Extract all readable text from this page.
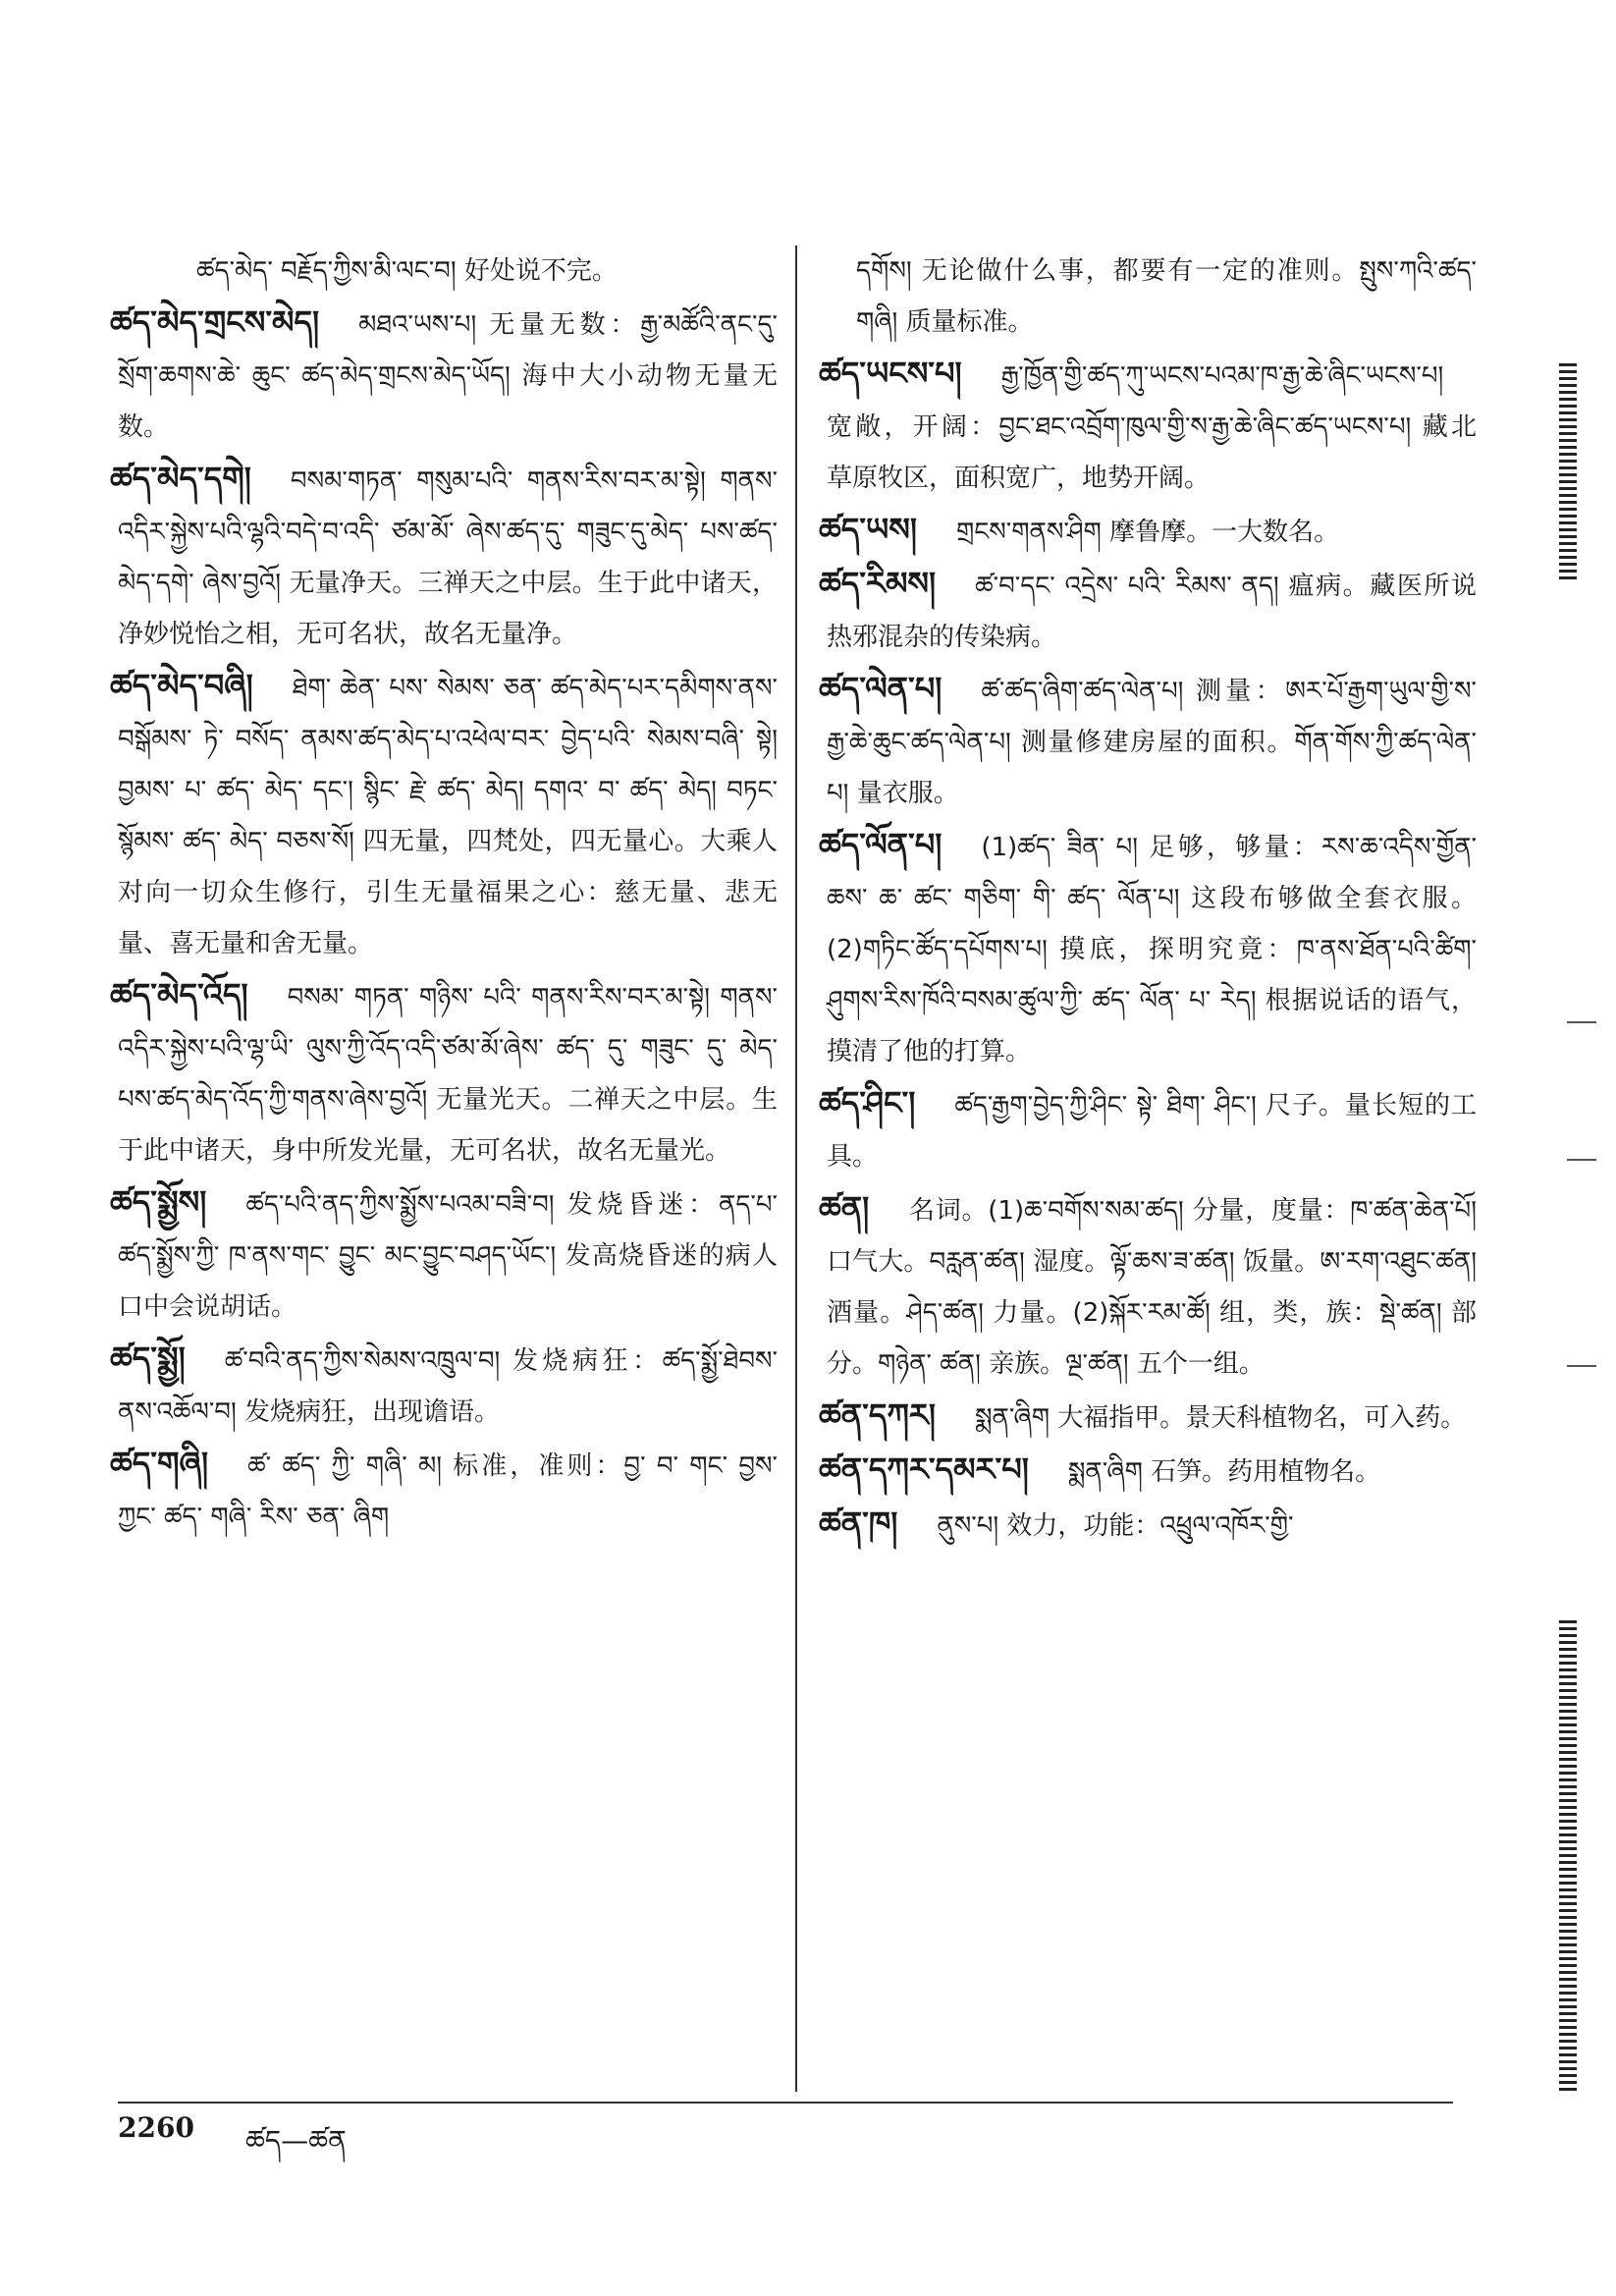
ཚད་མེད་ བརྗོད་ཀྱིས་མི་ལང་བ། 好处说不完。
ཚད་མེད་གྲངས་མེད། མཐའ་ཡས་པ། 无量无数：རྒྱ་མཚོའི་ནང་དུ་ སྲོག་ཆགས་ཆེ་ ཆུང་ ཚད་མེད་གྲངས་མེད་ཡོད། 海中大小动物无量无数。
ཚད་མེད་དགེ། བསམ་གཏན་ གསུམ་པའི་ གནས་རིས་བར་མ་སྟེ། གནས་འདིར་སྐྱེས་པའི་ལྷའི་བདེ་བ་འདི་ ཙམ་མོ་ ཞེས་ཚད་དུ་ གཟུང་དུ་མེད་ པས་ཚད་མེད་དགེ་ ཞེས་བྱའོ། 无量净天。三禅天之中层。生于此中诸天，净妙悦怡之相，无可名状，故名无量净。
ཚད་མེད་བཞི། ཐེག་ ཆེན་ པས་ སེམས་ ཅན་ ཚད་མེད་པར་དམིགས་ནས་ བསྒོམས་ ཏེ་ བསོད་ ནམས་ཚད་མེད་པ་འཕེལ་བར་ བྱེད་པའི་ སེམས་བཞི་ སྟེ། བྱམས་ པ་ ཚད་ མེད་ དང་། སྙིང་ རྗེ་ ཚད་ མེད། དགའ་ བ་ ཚད་ མེད། བཏང་ སྙོམས་ ཚད་ མེད་ བཅས་སོ། 四无量，四梵处，四无量心。大乘人对向一切众生修行，引生无量福果之心：慈无量、悲无量、喜无量和舍无量。
ཚད་མེད་འོད། བསམ་ གཏན་ གཉིས་ པའི་ གནས་རིས་བར་མ་སྟེ། གནས་འདིར་སྐྱེས་པའི་ལྷ་ཡི་ ལུས་ཀྱི་འོད་འདི་ཙམ་མོ་ཞེས་ ཚད་ དུ་ གཟུང་ དུ་ མེད་པས་ཚད་མེད་འོད་ཀྱི་གནས་ཞེས་བྱའོ། 无量光天。二禅天之中层。生于此中诸天，身中所发光量，无可名状，故名无量光。
ཚད་སྨྱོས། ཚད་པའི་ནད་ཀྱིས་སྨྱོས་པའམ་བཟི་བ། 发烧昏迷：ནད་པ་ཚད་སྨྱོས་ཀྱི་ ཁ་ནས་གང་ བྱུང་ མང་བྱུང་བཤད་ཡོང་། 发高烧昏迷的病人口中会说胡话。
ཚད་སྨྱོ། ཚ་བའི་ནད་ཀྱིས་སེམས་འཁྲུལ་བ། 发烧病狂：ཚད་སྨྱོ་ཐེབས་ནས་འཆོལ་བ། 发烧病狂，出现谵语。
ཚད་གཞི། ཚ་ ཚད་ ཀྱི་ གཞི་ མ། 标准，准则：བྱ་ བ་ གང་ བྱས་ ཀྱང་ ཚད་ གཞི་ རིས་ ཅན་ ཞིག
དགོས། 无论做什么事，都要有一定的准则。སྤུས་ཀའི་ཚད་གཞི། 质量标准。
ཚད་ཡངས་པ། རྒྱ་ཁྱོན་གྱི་ཚད་ཀུ་ཡངས་པའམ་ཁ་རྒྱ་ཆེ་ཞིང་ཡངས་པ། 宽敞，开阔：བྱང་ཐང་འབྲོག་ཁུལ་གྱི་ས་རྒྱ་ཆེ་ཞིང་ཚད་ཡངས་པ། 藏北草原牧区，面积宽广，地势开阔。
ཚད་ཡས། གྲངས་གནས་ཤིག 摩鲁摩。一大数名。
ཚད་རིམས། ཚ་བ་དང་ འདྲེས་ པའི་ རིམས་ ནད། 瘟病。藏医所说热邪混杂的传染病。
ཚད་ལེན་པ། ཚ་ཚད་ཞིག་ཚད་ལེན་པ། 测量：ཨར་པོ་རྒྱག་ཡུལ་གྱི་ས་རྒྱ་ཆེ་ཆུང་ཚད་ལེན་པ། 测量修建房屋的面积。གོན་གོས་ཀྱི་ཚད་ལེན་པ། 量衣服。
ཚད་ལོན་པ། (1)ཚད་ ཟིན་ པ། 足够，够量：རས་ཆ་འདིས་གྱོན་ ཆས་ ཆ་ ཚང་ གཅིག་ གི་ ཚད་ ལོན་པ། 这段布够做全套衣服。(2)གཏིང་ཚོད་དཔོགས་པ། 摸底，探明究竟：ཁ་ནས་ཐོན་པའི་ཚིག་ཤུགས་རིས་ཁོའི་བསམ་ཚུལ་ཀྱི་ ཚད་ ལོན་ པ་ རེད། 根据说话的语气，摸清了他的打算。
ཚད་ཤིང་། ཚད་རྒྱག་བྱེད་ཀྱི་ཤིང་ སྟེ་ ཐིག་ ཤིང་། 尺子。量长短的工具。
ཚན། 名词。(1)ཆ་བགོས་སམ་ཚད། 分量，度量：ཁ་ཚན་ཆེན་པོ། 口气大。བརླན་ཚན། 湿度。ལྟོ་ཆས་ཟ་ཚན། 饭量。ཨ་རག་འཐུང་ཚན། 酒量。ཤེད་ཚན། 力量。(2)སྐོར་རམ་ཚོ། 组，类，族：སྡེ་ཚན། 部分。གཉེན་ ཚན། 亲族。ལྔ་ཚན། 五个一组。
ཚན་དཀར། སྨན་ཞིག 大福指甲。景天科植物名，可入药。
ཚན་དཀར་དམར་པ། སྨན་ཞིག 石笋。药用植物名。
ཚན་ཁ། ནུས་པ། 效力，功能：འཕྲུལ་འཁོར་གྱི་
2260 ཚད—ཚན
